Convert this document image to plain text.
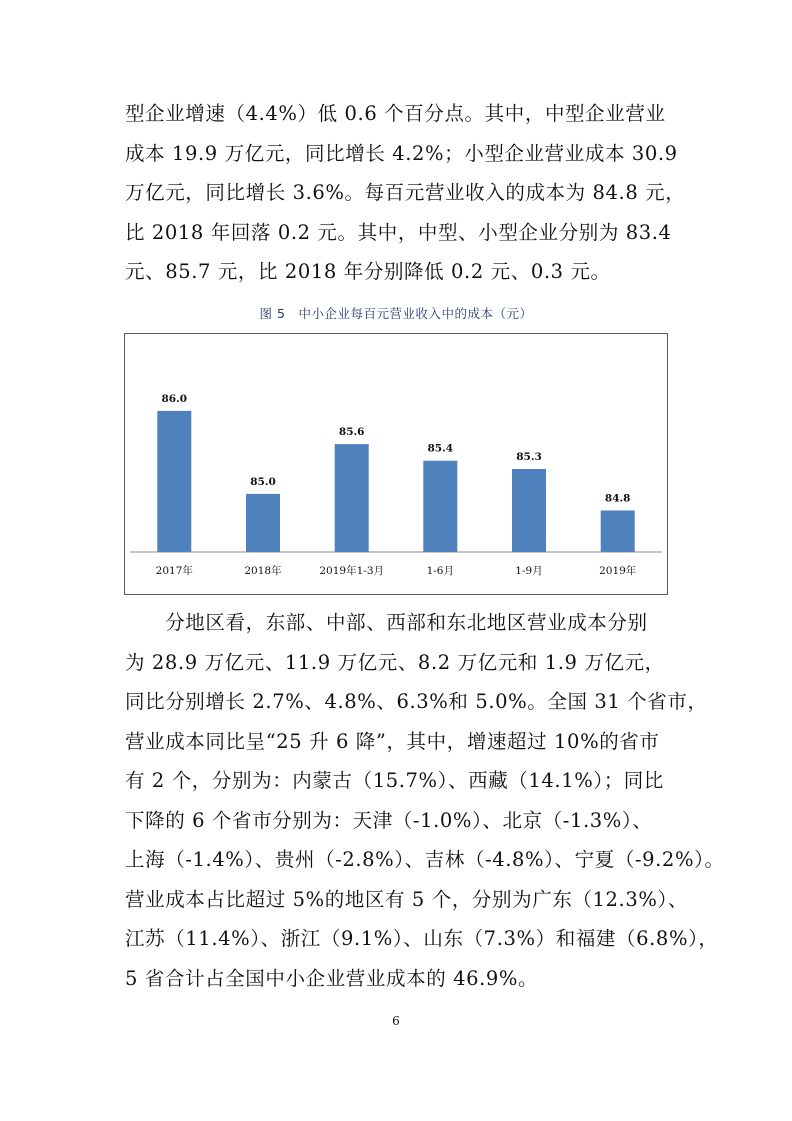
型企业增速（4.4%）低 0.6 个百分点。其中，中型企业营业
成本 19.9 万亿元，同比增长 4.2%；小型企业营业成本 30.9
万亿元，同比增长 3.6%。每百元营业收入的成本为 84.8 元，
比 2018 年回落 0.2 元。其中，中型、小型企业分别为 83.4
元、85.7 元，比 2018 年分别降低 0.2 元、0.3 元。
图 5　中小企业每百元营业收入中的成本（元）
86.0
2017年
85.0
2018年
85.6
2019年1-3月
85.4
1-6月
85.3
1-9月
84.8
2019年
　　分地区看，东部、中部、西部和东北地区营业成本分别
为 28.9 万亿元、11.9 万亿元、8.2 万亿元和 1.9 万亿元，
同比分别增长 2.7%、4.8%、6.3%和 5.0%。全国 31 个省市，
营业成本同比呈“25 升 6 降”，其中，增速超过 10%的省市
有 2 个，分别为：内蒙古（15.7%）、西藏（14.1%）；同比
下降的 6 个省市分别为：天津（-1.0%）、北京（-1.3%）、
上海（-1.4%）、贵州（-2.8%）、吉林（-4.8%）、宁夏（-9.2%）。
营业成本占比超过 5%的地区有 5 个，分别为广东（12.3%）、
江苏（11.4%）、浙江（9.1%）、山东（7.3%）和福建（6.8%），
5 省合计占全国中小企业营业成本的 46.9%。
6
